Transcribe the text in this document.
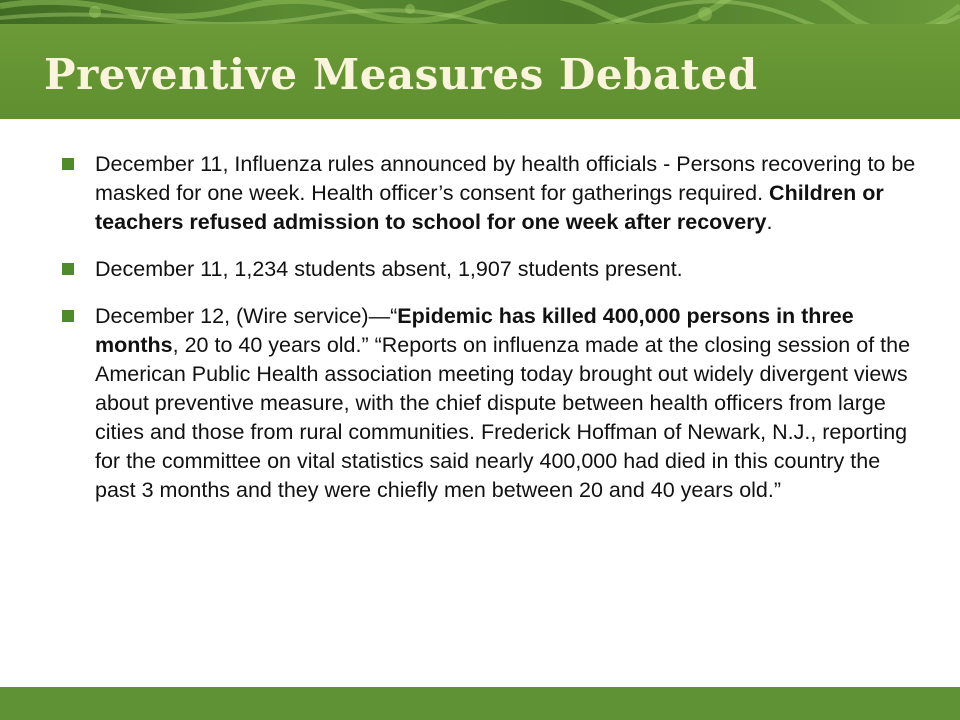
Preventive Measures Debated
December 11, Influenza rules announced by health officials - Persons recovering to be masked for one week. Health officer’s consent for gatherings required. Children or teachers refused admission to school for one week after recovery.
December 11, 1,234 students absent, 1,907 students present.
December 12, (Wire service)—“Epidemic has killed 400,000 persons in three months, 20 to 40 years old.” “Reports on influenza made at the closing session of the American Public Health association meeting today brought out widely divergent views about preventive measure, with the chief dispute between health officers from large cities and those from rural communities. Frederick Hoffman of Newark, N.J., reporting for the committee on vital statistics said nearly 400,000 had died in this country the past 3 months and they were chiefly men between 20 and 40 years old.”
